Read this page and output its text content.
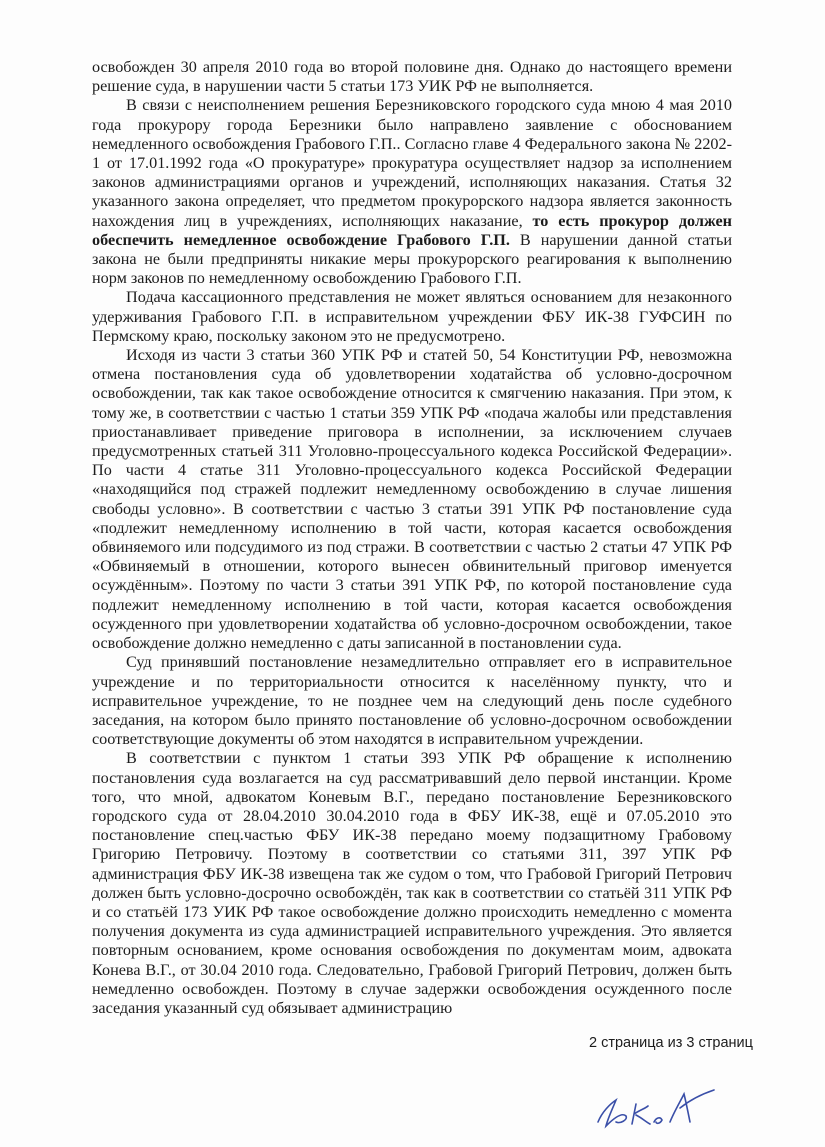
освобожден 30 апреля 2010 года во второй половине дня. Однако до настоящего времени решение суда, в нарушении части 5 статьи 173 УИК РФ не выполняется.

В связи с неисполнением решения Березниковского городского суда мною 4 мая 2010 года прокурору города Березники было направлено заявление с обоснованием немедленного освобождения Грабового Г.П.. Согласно главе 4 Федерального закона № 2202-1 от 17.01.1992 года «О прокуратуре» прокуратура осуществляет надзор за исполнением законов администрациями органов и учреждений, исполняющих наказания. Статья 32 указанного закона определяет, что предметом прокурорского надзора является законность нахождения лиц в учреждениях, исполняющих наказание, то есть прокурор должен обеспечить немедленное освобождение Грабового Г.П. В нарушении данной статьи закона не были предприняты никакие меры прокурорского реагирования к выполнению норм законов по немедленному освобождению Грабового Г.П.

Подача кассационного представления не может являться основанием для незаконного удерживания Грабового Г.П. в исправительном учреждении ФБУ ИК-38 ГУФСИН по Пермскому краю, поскольку законом это не предусмотрено.

Исходя из части 3 статьи 360 УПК РФ и статей 50, 54 Конституции РФ, невозможна отмена постановления суда об удовлетворении ходатайства об условно-досрочном освобождении, так как такое освобождение относится к смягчению наказания. При этом, к тому же, в соответствии с частью 1 статьи 359 УПК РФ «подача жалобы или представления приостанавливает приведение приговора в исполнении, за исключением случаев предусмотренных статьей 311 Уголовно-процессуального кодекса Российской Федерации». По части 4 статье 311 Уголовно-процессуального кодекса Российской Федерации «находящийся под стражей подлежит немедленному освобождению в случае лишения свободы условно». В соответствии с частью 3 статьи 391 УПК РФ постановление суда «подлежит немедленному исполнению в той части, которая касается освобождения обвиняемого или подсудимого из под стражи. В соответствии с частью 2 статьи 47 УПК РФ «Обвиняемый в отношении, которого вынесен обвинительный приговор именуется осуждённым». Поэтому по части 3 статьи 391 УПК РФ, по которой постановление суда подлежит немедленному исполнению в той части, которая касается освобождения осужденного при удовлетворении ходатайства об условно-досрочном освобождении, такое освобождение должно немедленно с даты записанной в постановлении суда.

Суд принявший постановление незамедлительно отправляет его в исправительное учреждение и по территориальности относится к населённому пункту, что и исправительное учреждение, то не позднее чем на следующий день после судебного заседания, на котором было принято постановление об условно-досрочном освобождении соответствующие документы об этом находятся в исправительном учреждении.

В соответствии с пунктом 1 статьи 393 УПК РФ обращение к исполнению постановления суда возлагается на суд рассматривавший дело первой инстанции. Кроме того, что мной, адвокатом Коневым В.Г., передано постановление Березниковского городского суда от 28.04.2010 30.04.2010 года в ФБУ ИК-38, ещё и 07.05.2010 это постановление спец.частью ФБУ ИК-38 передано моему подзащитному Грабовому Григорию Петровичу. Поэтому в соответствии со статьями 311, 397 УПК РФ администрация ФБУ ИК-38 извещена так же судом о том, что Грабовой Григорий Петрович должен быть условно-досрочно освобождён, так как в соответствии со статьёй 311 УПК РФ и со статьёй 173 УИК РФ такое освобождение должно происходить немедленно с момента получения документа из суда администрацией исправительного учреждения. Это является повторным основанием, кроме основания освобождения по документам моим, адвоката Конева В.Г., от 30.04 2010 года. Следовательно, Грабовой Григорий Петрович, должен быть немедленно освобожден. Поэтому в случае задержки освобождения осужденного после заседания указанный суд обязывает администрацию

2 страница из 3 страниц
